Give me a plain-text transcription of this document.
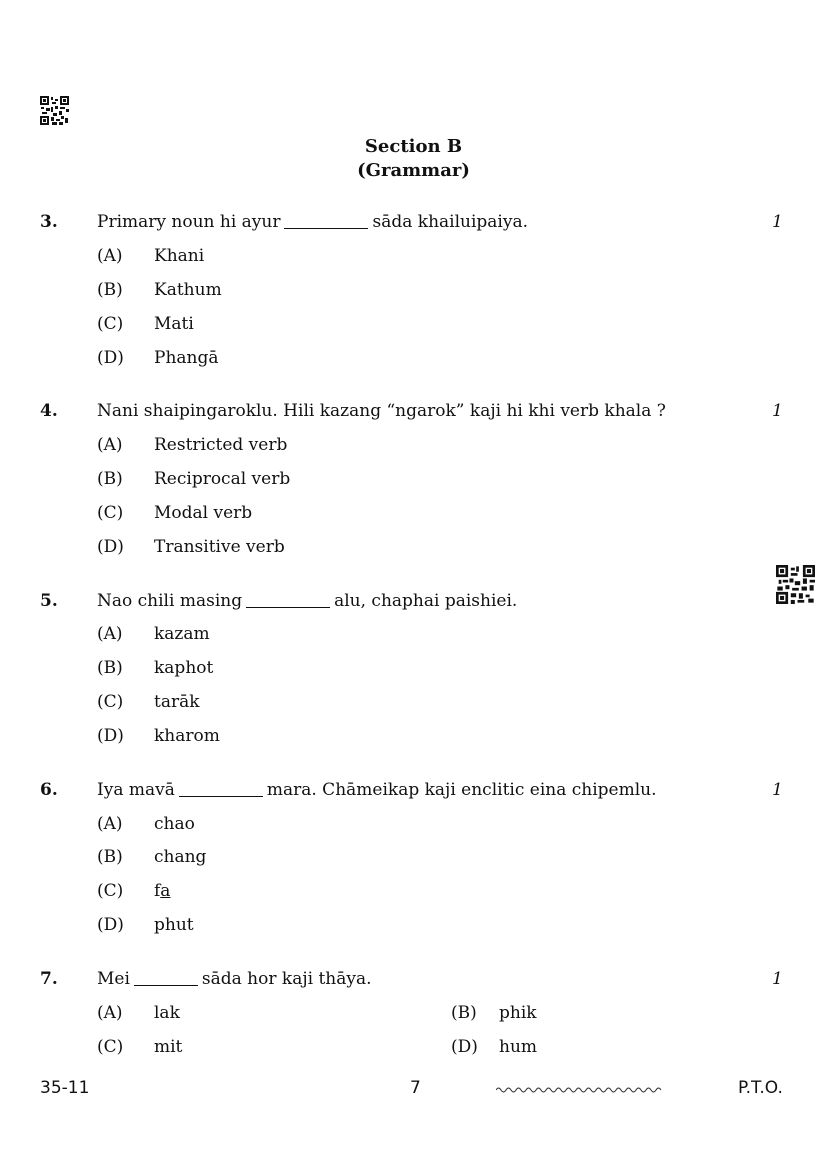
Section B
(Grammar)
3. Primary noun hi ayur	sāda khailuipaiya.	1
(A) Khani
(B) Kathum
(C) Mati
(D) Phangā
4. Nani shaipingaroklu. Hili kazang “ngarok” kaji hi khi verb khala ?	1
(A) Restricted verb
(B) Reciprocal verb
(C) Modal verb
(D) Transitive verb
5. Nao chili masing	alu, chaphai paishiei.
(A) kazam
(B) kaphot
(C) tarāk
(D) kharom
6. Iya mavā	mara. Chāmeikap kaji enclitic eina chipemlu.	1
(A) chao
(B) chang
(C) fa
(D) phut
7. Mei	sāda hor kaji thāya.	1
(A) lak	(B) phik
(C) mit	(D) hum
35-11	7	P.T.O.
